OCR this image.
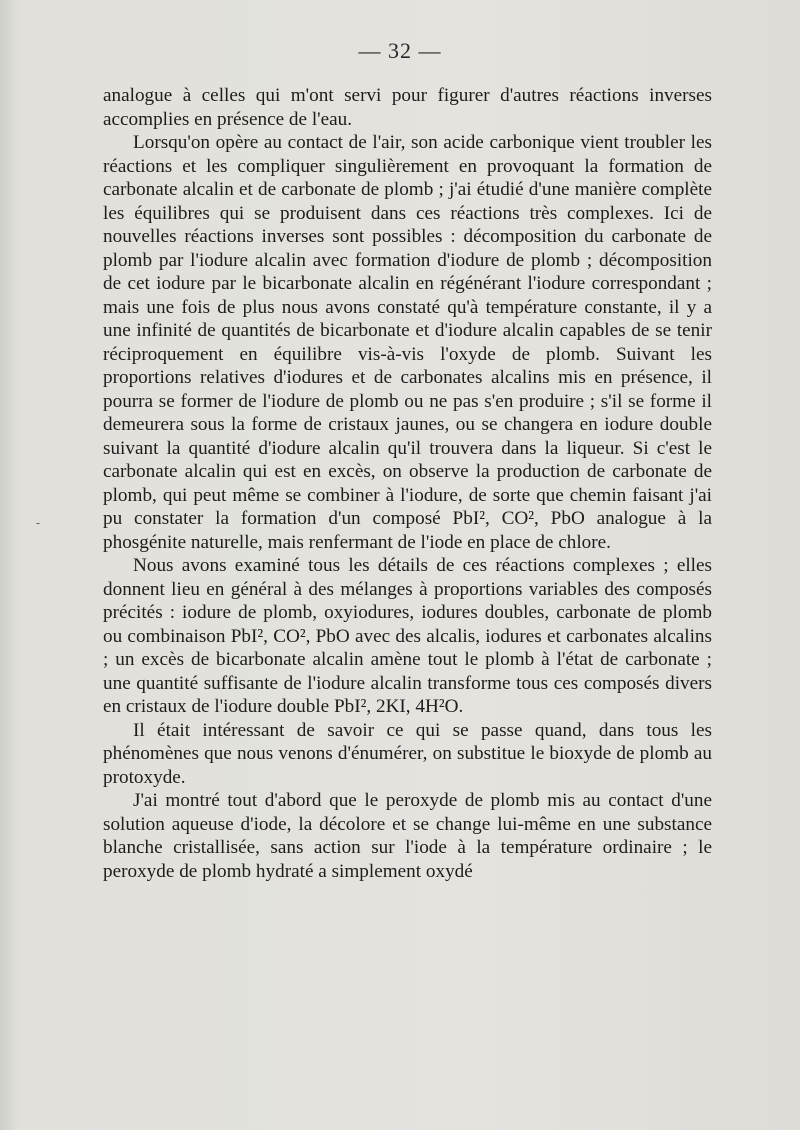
— 32 —
-

analogue à celles qui m'ont servi pour figurer d'autres réactions inverses accomplies en présence de l'eau.

Lorsqu'on opère au contact de l'air, son acide carbonique vient troubler les réactions et les compliquer singulièrement en provoquant la formation de carbonate alcalin et de carbonate de plomb ; j'ai étudié d'une manière complète les équilibres qui se produisent dans ces réactions très complexes. Ici de nouvelles réactions inverses sont possibles : décomposition du carbonate de plomb par l'iodure alcalin avec formation d'iodure de plomb ; décomposition de cet iodure par le bicarbonate alcalin en régénérant l'iodure correspondant ; mais une fois de plus nous avons constaté qu'à température constante, il y a une infinité de quantités de bicarbonate et d'iodure alcalin capables de se tenir réciproquement en équilibre vis-à-vis l'oxyde de plomb. Suivant les proportions relatives d'iodures et de carbonates alcalins mis en présence, il pourra se former de l'iodure de plomb ou ne pas s'en produire ; s'il se forme il demeurera sous la forme de cristaux jaunes, ou se changera en iodure double suivant la quantité d'iodure alcalin qu'il trouvera dans la liqueur. Si c'est le carbonate alcalin qui est en excès, on observe la production de carbonate de plomb, qui peut même se combiner à l'iodure, de sorte que chemin faisant j'ai pu constater la formation d'un composé PbI², CO², PbO analogue à la phosgénite naturelle, mais renfermant de l'iode en place de chlore.

Nous avons examiné tous les détails de ces réactions complexes ; elles donnent lieu en général à des mélanges à proportions variables des composés précités : iodure de plomb, oxyiodures, iodures doubles, carbonate de plomb ou combinaison PbI², CO², PbO avec des alcalis, iodures et carbonates alcalins ; un excès de bicarbonate alcalin amène tout le plomb à l'état de carbonate ; une quantité suffisante de l'iodure alcalin transforme tous ces composés divers en cristaux de l'iodure double PbI², 2KI, 4H²O.

Il était intéressant de savoir ce qui se passe quand, dans tous les phénomènes que nous venons d'énumérer, on substitue le bioxyde de plomb au protoxyde.

J'ai montré tout d'abord que le peroxyde de plomb mis au contact d'une solution aqueuse d'iode, la décolore et se change lui-même en une substance blanche cristallisée, sans action sur l'iode à la température ordinaire ; le peroxyde de plomb hydraté a simplement oxydé
